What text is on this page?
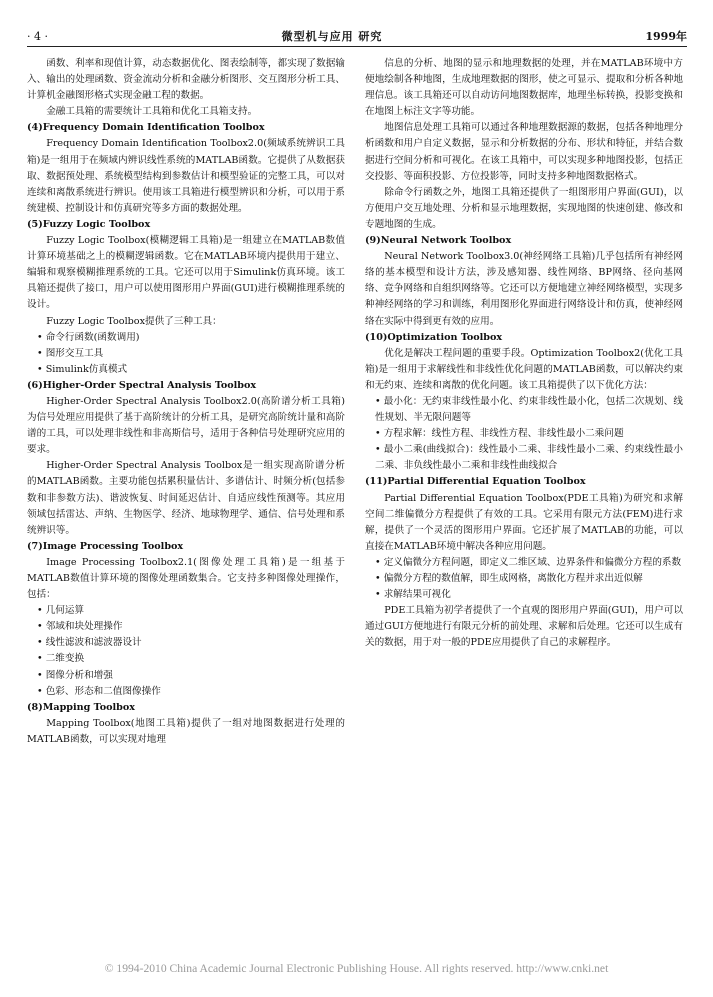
· 4 ·	微型机与应用 研究	1999年

函数、利率和现值计算，动态数据优化、图表绘制等，都实现了数据输入、输出的处理函数、资金流动分析和金融分析图形、交互图形分析工具、计算机金融图形格式实现金融工程的数据。

金融工具箱的需要统计工具箱和优化工具箱支持。

(4)Frequency Domain Identification Toolbox

Frequency Domain Identification Toolbox2.0(频域系统辨识工具箱)是一组用于在频域内辨识线性系统的MATLAB函数。它提供了从数据获取、数据预处理、系统模型结构到参数估计和模型验证的完整工具，可以对连续和离散系统进行辨识。使用该工具箱进行模型辨识和分析，可以用于系统建模、控制设计和仿真研究等多方面的数据处理。

(5)Fuzzy Logic Toolbox

Fuzzy Logic Toolbox(模糊逻辑工具箱)是一组建立在MATLAB数值计算环境基础之上的模糊逻辑函数。它在MATLAB环境内提供用于建立、编辑和观察模糊推理系统的工具。它还可以用于Simulink仿真环境。该工具箱还提供了接口，用户可以使用图形用户界面(GUI)进行模糊推理系统的设计。

Fuzzy Logic Toolbox提供了三种工具：

• 命令行函数(函数调用)

• 图形交互工具

• Simulink仿真模式

(6)Higher-Order Spectral Analysis Toolbox

Higher-Order Spectral Analysis Toolbox2.0(高阶谱分析工具箱)为信号处理应用提供了基于高阶统计的分析工具，是研究高阶统计量和高阶谱的工具，可以处理非线性和非高斯信号，适用于各种信号处理研究应用的要求。

Higher-Order Spectral Analysis Toolbox是一组实现高阶谱分析的MATLAB函数。主要功能包括累积量估计、多谱估计、时频分析(包括参数和非参数方法)、谐波恢复、时间延迟估计、自适应线性预测等。其应用领域包括雷达、声纳、生物医学、经济、地球物理学、通信、信号处理和系统辨识等。

(7)Image Processing Toolbox

Image Processing Toolbox2.1(图像处理工具箱)是一组基于MATLAB数值计算环境的图像处理函数集合。它支持多种图像处理操作，包括：

• 几何运算

• 邻域和块处理操作

• 线性滤波和滤波器设计

• 二维变换

• 图像分析和增强

• 色彩、形态和二值图像操作

(8)Mapping Toolbox

Mapping Toolbox(地图工具箱)提供了一组对地图数据进行处理的MATLAB函数，可以实现对地理

信息的分析、地图的显示和地理数据的处理，并在MATLAB环境中方便地绘制各种地图，生成地理数据的图形，使之可显示、提取和分析各种地理信息。该工具箱还可以自动访问地图数据库，地理坐标转换，投影变换和在地图上标注文字等功能。

地图信息处理工具箱可以通过各种地理数据源的数据，包括各种地理分析函数和用户自定义数据，显示和分析数据的分布、形状和特征，并结合数据进行空间分析和可视化。在该工具箱中，可以实现多种地图投影，包括正交投影、等面积投影、方位投影等，同时支持多种地图数据格式。

除命令行函数之外，地图工具箱还提供了一组图形用户界面(GUI)，以方便用户交互地处理、分析和显示地理数据，实现地图的快速创建、修改和专题地图的生成。

(9)Neural Network Toolbox

Neural Network Toolbox3.0(神经网络工具箱)几乎包括所有神经网络的基本模型和设计方法，涉及感知器、线性网络、BP网络、径向基网络、竞争网络和自组织网络等。它还可以方便地建立神经网络模型，实现多种神经网络的学习和训练，利用图形化界面进行网络设计和仿真，使神经网络在实际中得到更有效的应用。

(10)Optimization Toolbox

优化是解决工程问题的重要手段。Optimization Toolbox2(优化工具箱)是一组用于求解线性和非线性优化问题的MATLAB函数，可以解决约束和无约束、连续和离散的优化问题。该工具箱提供了以下优化方法：

• 最小化：无约束非线性最小化、约束非线性最小化，包括二次规划、线性规划、半无限问题等

• 方程求解：线性方程、非线性方程、非线性最小二乘问题

• 最小二乘(曲线拟合)：线性最小二乘、非线性最小二乘、约束线性最小二乘、非负线性最小二乘和非线性曲线拟合

(11)Partial Differential Equation Toolbox

Partial Differential Equation Toolbox(PDE工具箱)为研究和求解空间二维偏微分方程提供了有效的工具。它采用有限元方法(FEM)进行求解，提供了一个灵活的图形用户界面。它还扩展了MATLAB的功能，可以直接在MATLAB环境中解决各种应用问题。

• 定义偏微分方程问题，即定义二维区域、边界条件和偏微分方程的系数

• 偏微分方程的数值解，即生成网格，离散化方程并求出近似解

• 求解结果可视化

PDE工具箱为初学者提供了一个直观的图形用户界面(GUI)，用户可以通过GUI方便地进行有限元分析的前处理、求解和后处理。它还可以生成有关的数据，用于对一般的PDE应用提供了自己的求解程序。

© 1994-2010 China Academic Journal Electronic Publishing House. All rights reserved. http://www.cnki.net
